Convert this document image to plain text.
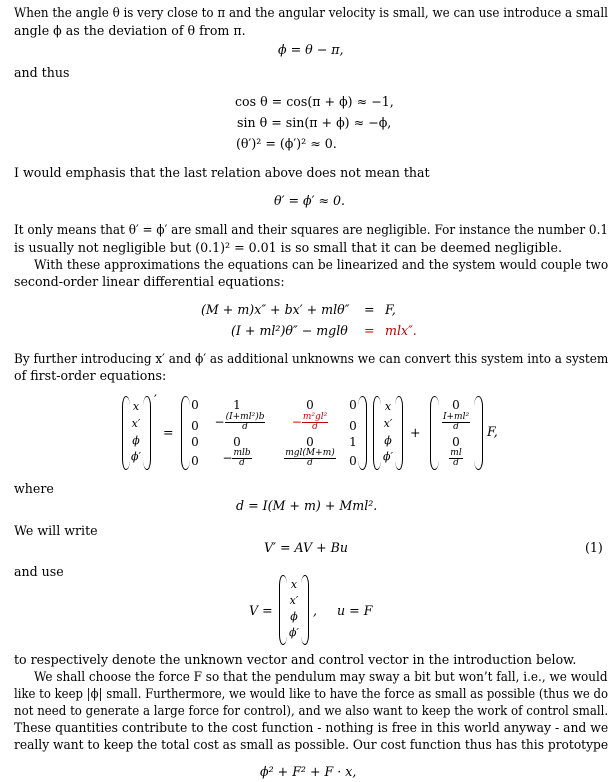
When the angle θ is very close to π and the angular velocity is small, we can use introduce a small
angle ϕ as the deviation of θ from π.
ϕ = θ − π,
and thus
cos θ = cos(π + ϕ) ≈ −1,
sin θ = sin(π + ϕ) ≈ −ϕ,
(θ′)² = (ϕ′)² ≈ 0.
I would emphasis that the last relation above does not mean that
θ′ = ϕ′ ≈ 0.
It only means that θ′ = ϕ′ are small and their squares are negligible. For instance the number 0.1
is usually not negligible but (0.1)² = 0.01 is so small that it can be deemed negligible.
With these approximations the equations can be linearized and the system would couple two
second-order linear differential equations:
(M + m)x″ + bx′ + mlθ″ = F,
(I + ml²)θ″ − mglθ = mlx″.
By further introducing x′ and ϕ′ as additional unknowns we can convert this system into a system
of first-order equations:
x
x′
ϕ
ϕ′
′
=
0	1	0	0
0	− $\frac{\text{(I+ml²)b}}{d}$	− $\frac{\text{m²gl²}}{d}$	0
0	0	0	1
0	− $\frac{\text{mlb}}{d}$	$\frac{\text{mgl(M+m)}}{d}$	0
x
x′
ϕ
ϕ′
+
0
$\frac{\text{I+ml²}}{d}$
0
$\frac{ml}{d}$
F,
where
d = I(M + m) + Mml².
We will write
V′ = AV + Bu	(1)
and use
V =
x
x′
ϕ
ϕ′
,     u = F
to respectively denote the unknown vector and control vector in the introduction below.
We shall choose the force F so that the pendulum may sway a bit but won’t fall, i.e., we would
like to keep |ϕ| small. Furthermore, we would like to have the force as small as possible (thus we do
not need to generate a large force for control), and we also want to keep the work of control small.
These quantities contribute to the cost function - nothing is free in this world anyway - and we
really want to keep the total cost as small as possible. Our cost function thus has this prototype
ϕ² + F² + F · x,
